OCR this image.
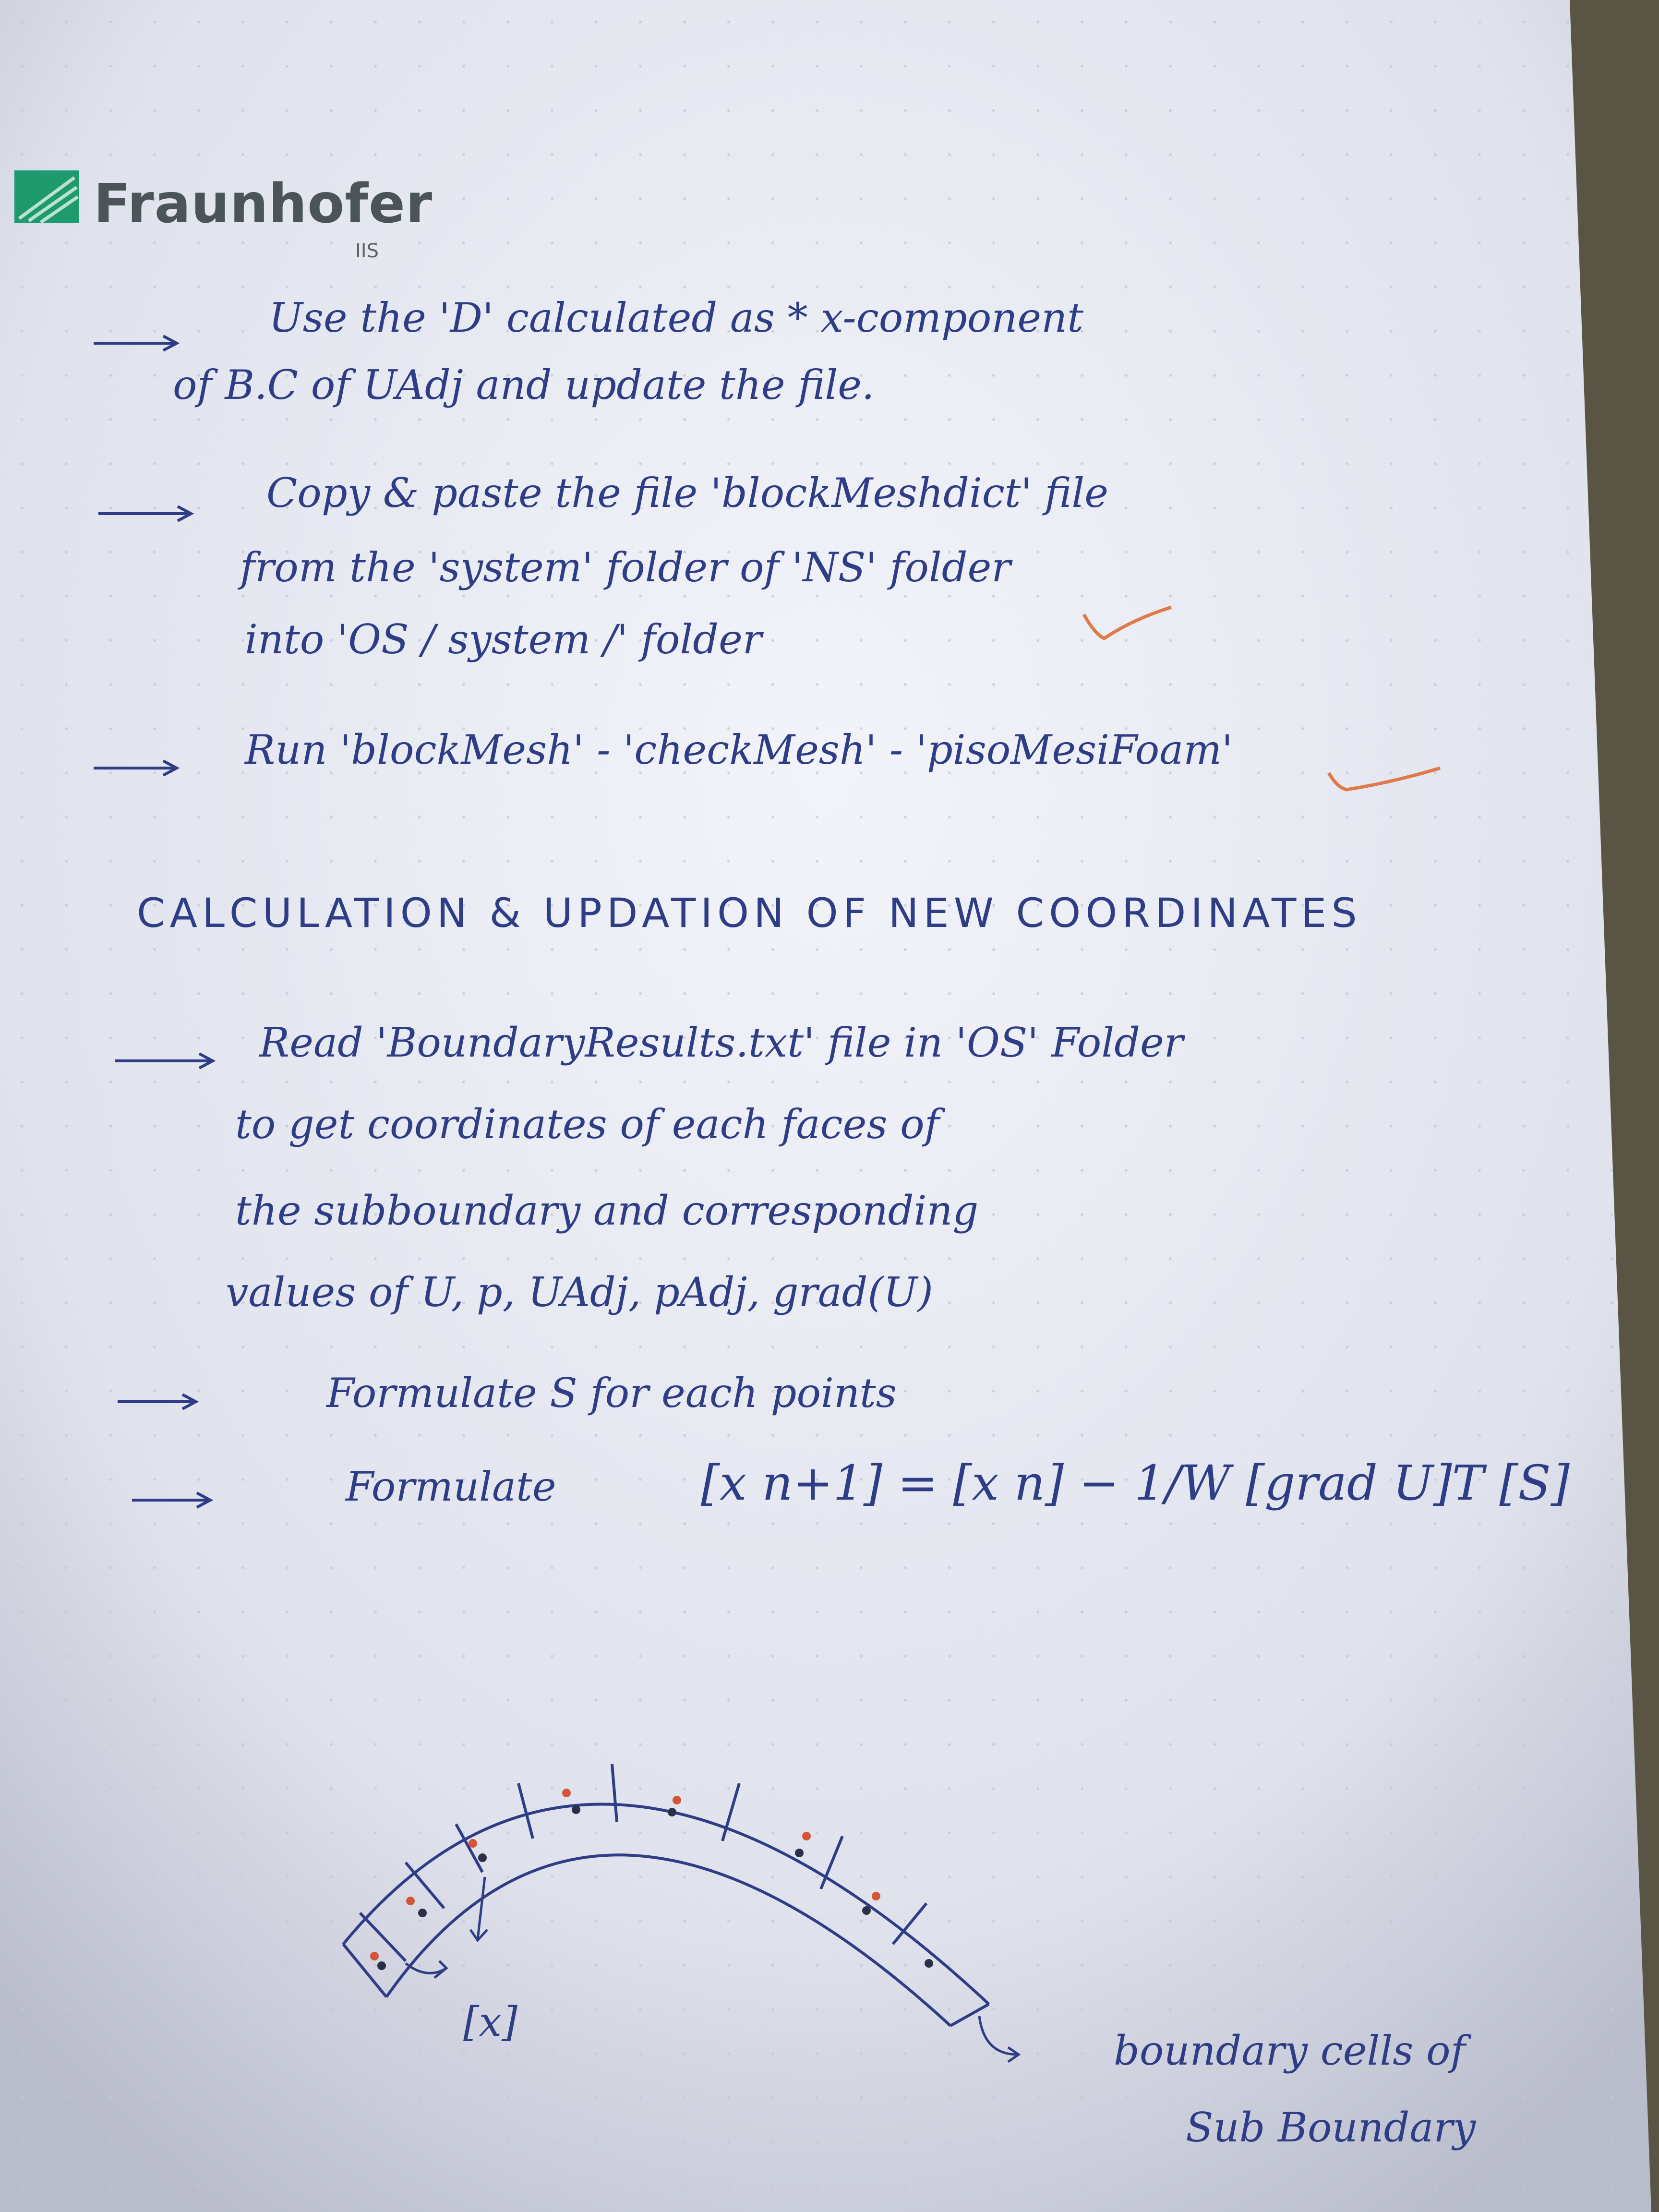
Fraunhofer

IIS

Use the 'D' calculated as * x-component

of B.C of UAdj and update the file.

Copy & paste the file 'blockMeshdict' file

from the 'system' folder of 'NS' folder

into 'OS / system /' folder

Run 'blockMesh' - 'checkMesh' - 'pisoMesiFoam'

CALCULATION & UPDATION OF NEW COORDINATES

Read 'BoundaryResults.txt' file in 'OS' Folder

to get coordinates of each faces of

the subboundary and corresponding

values of U, p, UAdj, pAdj, grad(U)

Formulate S for each points

Formulate	[x n+1] = [x n] − 1/W [grad U]T [S]

[x]

boundary cells of

Sub Boundary
